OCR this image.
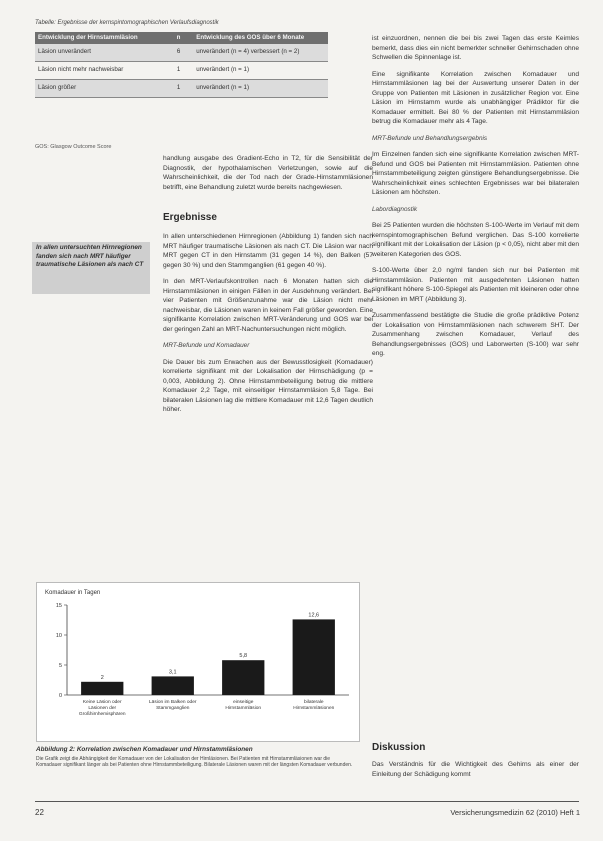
Tabelle: Ergebnisse der kernspintomographischen Verlaufsdiagnostik
Entwicklung der Hirnstammläsion	n	Entwicklung des GOS über 6 Monate
Läsion unverändert	6	unverändert (n = 4) verbessert (n = 2)
Läsion nicht mehr nachweisbar	1	unverändert (n = 1)
Läsion größer	1	unverändert (n = 1)
GOS: Glasgow Outcome Score
handlung ausgabe des Gradient-Echo in T2, für die Sensibilität der Diagnostik, der hypothalamischen Verletzungen, sowie auf die Wahrscheinlichkeit, die der Tod nach der Grade-Hirnstammläsionen betrifft, eine Behandlung zuletzt wurde bereits nachgewiesen.
Ergebnisse
In allen untersuchten Hirnregionen fanden sich nach MRT häufiger traumatische Läsionen als nach CT

In allen unterschiedenen Hirnregionen (Abbildung 1) fanden sich nach MRT häufiger traumatische Läsionen als nach CT. Die Läsion war nach MRT gegen CT in den Hirnstamm (31 gegen 14 %), den Balken (57 gegen 30 %) und den Stammganglien (61 gegen 40 %).

In den MRT-Verlaufskontrollen nach 6 Monaten hatten sich die Hirnstammläsionen in einigen Fällen in der Ausdehnung verändert. Bei vier Patienten mit Größenzunahme war die Läsion nicht mehr nachweisbar, die Läsionen waren in keinem Fall größer geworden. Eine signifikante Korrelation zwischen MRT-Veränderung und GOS war bei der geringen Zahl an MRT-Nachuntersuchungen nicht möglich.

MRT-Befunde und Komadauer

Die Dauer bis zum Erwachen aus der Bewusstlosigkeit (Komadauer) korrelierte signifikant mit der Lokalisation der Hirnschädigung (p = 0,003, Abbildung 2). Ohne Hirnstammbeteiligung betrug die mittlere Komadauer 2,2 Tage, mit einseitiger Hirnstammläsion 5,8 Tage. Bei bilateralen Läsionen lag die mittlere Komadauer mit 12,6 Tagen deutlich höher.

Komadauer in Tagen
0
5
10
15
2
Keine Läsion oder Läsionen der Großhirnhemisphären
3,1
Läsion im Balken oder Stammganglien
5,8
einseitige Hirnstammläsion
12,6
bilaterale Hirnstammläsionen
Abbildung 2: Korrelation zwischen Komadauer und Hirnstammläsionen
Die Grafik zeigt die Abhängigkeit der Komadauer von der Lokalisation der Hirnläsionen. Bei Patienten mit Hirnstammläsionen war die Komadauer signifikant länger als bei Patienten ohne Hirnstammbeteiligung. Bilaterale Läsionen waren mit der längsten Komadauer verbunden.

ist einzuordnen, nennen die bei bis zwei Tagen das erste Keimles bemerkt, dass dies ein nicht bemerkter schneller Gehirnschaden ohne Schwellen die Spinnenlage ist.

Eine signifikante Korrelation zwischen Komadauer und Hirnstammläsionen lag bei der Auswertung unserer Daten in der Gruppe von Patienten mit Läsionen in zusätzlicher Region vor. Eine Läsion im Hirnstamm wurde als unabhängiger Prädiktor für die Komadauer ermittelt. Bei 80 % der Patienten mit Hirnstammläsion betrug die Komadauer mehr als 4 Tage.

MRT-Befunde und Behandlungsergebnis

Im Einzelnen fanden sich eine signifikante Korrelation zwischen MRT-Befund und GOS bei Patienten mit Hirnstammläsion. Patienten ohne Hirnstammbeteiligung zeigten günstigere Behandlungsergebnisse. Die Wahrscheinlichkeit eines schlechten Ergebnisses war bei bilateralen Läsionen am höchsten.

Labordiagnostik

Bei 25 Patienten wurden die höchsten S-100-Werte im Verlauf mit dem kernspintomographischen Befund verglichen. Das S-100 korrelierte signifikant mit der Lokalisation der Läsion (p < 0,05), nicht aber mit den weiteren Kategorien des GOS.

S-100-Werte über 2,0 ng/ml fanden sich nur bei Patienten mit Hirnstammläsion. Patienten mit ausgedehnten Läsionen hatten signifikant höhere S-100-Spiegel als Patienten mit kleineren oder ohne Läsionen im MRT (Abbildung 3).

Zusammenfassend bestätigte die Studie die große prädiktive Potenz der Lokalisation von Hirnstammläsionen nach schwerem SHT. Der Zusammenhang zwischen Komadauer, Verlauf des Behandlungsergebnisses (GOS) und Laborwerten (S-100) war sehr eng.

Diskussion
Das Verständnis für die Wichtigkeit des Gehirns als einer der Einleitung der Schädigung kommt
22	Versicherungsmedizin 62 (2010) Heft 1
